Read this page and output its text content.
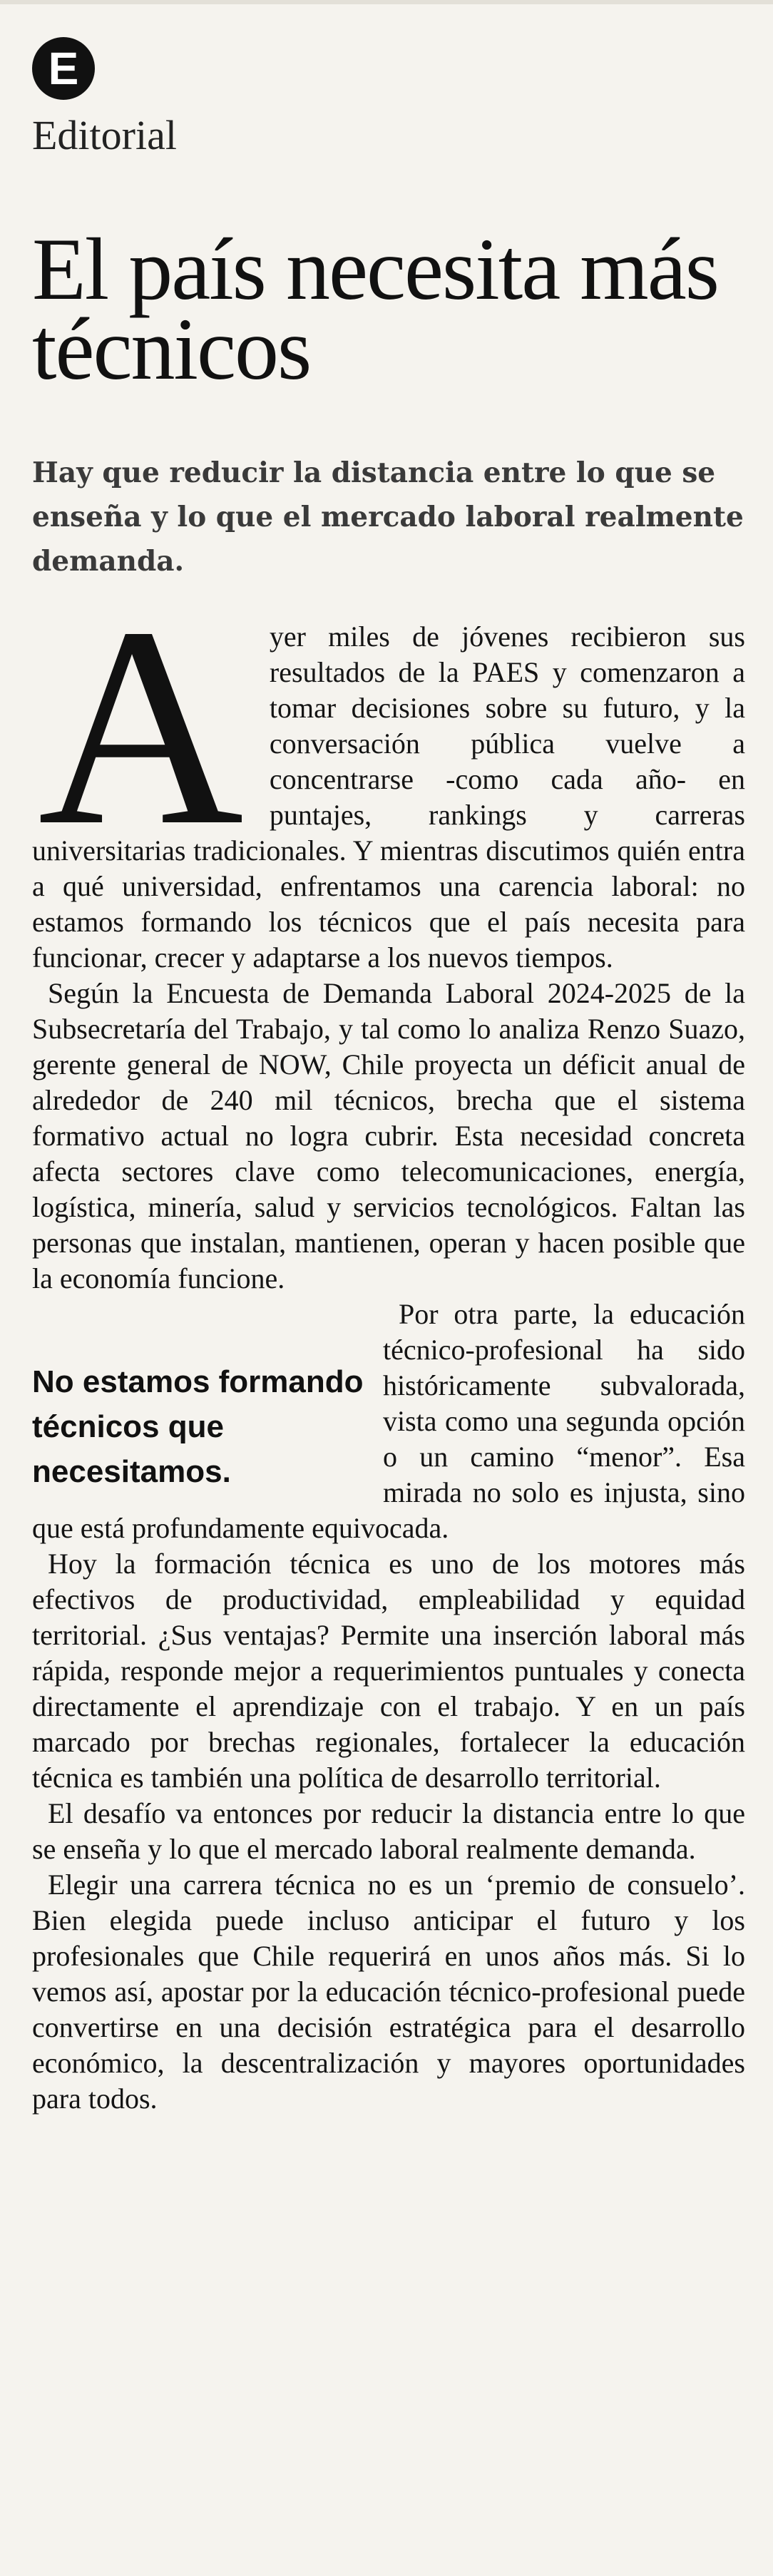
E
Editorial
El país necesita más técnicos
Hay que reducir la distancia entre lo que se enseña y lo que el mercado laboral realmente demanda.

Ayer miles de jóvenes recibieron sus resultados de la PAES y comenzaron a tomar decisiones sobre su futuro, y la conversación pública vuelve a concentrarse -como cada año- en puntajes, rankings y carreras universitarias tradicionales. Y mientras discutimos quién entra a qué universidad, enfrentamos una carencia laboral: no estamos formando los técnicos que el país necesita para funcionar, crecer y adaptarse a los nuevos tiempos.

Según la Encuesta de Demanda Laboral 2024-2025 de la Subsecretaría del Trabajo, y tal como lo analiza Renzo Suazo, gerente general de NOW, Chile proyecta un déficit anual de alrededor de 240 mil técnicos, brecha que el sistema formativo actual no logra cubrir. Esta necesidad concreta afecta sectores clave como telecomunicaciones, energía, logística, minería, salud y servicios tecnológicos. Faltan las personas que instalan, mantienen, operan y hacen posible que la economía funcione.

No estamos formando técnicos que necesitamos.
Por otra parte, la educación técnico-profesional ha sido históricamente subvalorada, vista como una segunda opción o un camino “menor”. Esa mirada no solo es injusta, sino que está profundamente equivocada.

Hoy la formación técnica es uno de los motores más efectivos de productividad, empleabilidad y equidad territorial. ¿Sus ventajas? Permite una inserción laboral más rápida, responde mejor a requerimientos puntuales y conecta directamente el aprendizaje con el trabajo. Y en un país marcado por brechas regionales, fortalecer la educación técnica es también una política de desarrollo territorial.

El desafío va entonces por reducir la distancia entre lo que se enseña y lo que el mercado laboral realmente demanda.

Elegir una carrera técnica no es un ‘premio de consuelo’. Bien elegida puede incluso anticipar el futuro y los profesionales que Chile requerirá en unos años más. Si lo vemos así, apostar por la educación técnico-profesional puede convertirse en una decisión estratégica para el desarrollo económico, la descentralización y mayores oportunidades para todos.
